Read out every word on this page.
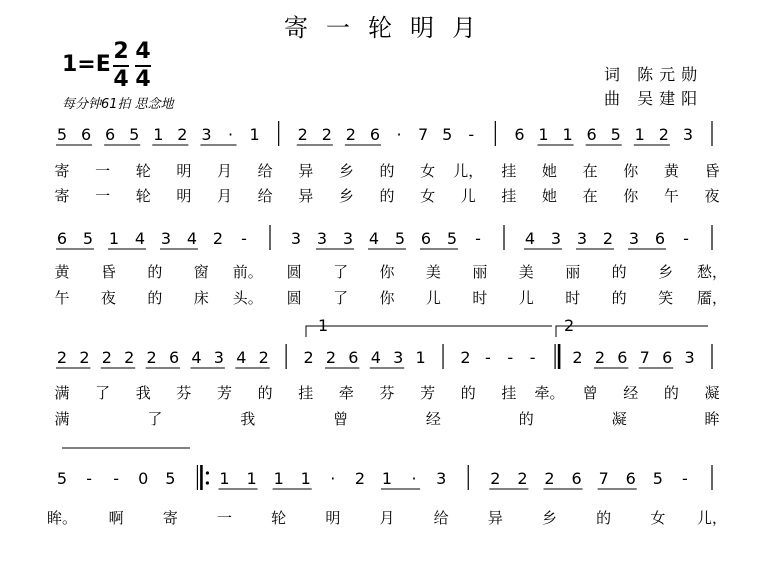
寄一轮明月
1=E
2
4
4
4
每分钟61拍 思念地
词 陈元勋
曲 吴建阳
5 6 6 5 1 2 3 · 1 2 2 2 6 · 7 5 -	6 1 1 6 5 1 2 3
6 5 1 4 3 4 2 -	3 3 3 4 5 6 5 -	4 3 3 2 3 6 -
2 2 2 2 2 6 4 3 4 2 2 2 6 4 3 1 2 - - - 2 2 6 7 6 3
5 - - 0 5	1 1 1 1 · 2 1 · 3	2 2 2 6 7 6 5 -
1	2
寄 一 轮 明 月 给 异 乡 的 女 儿， 挂 她 在 你 黄 昏
寄 一 轮 明 月 给 异 乡 的 女 儿 挂 她 在 你 午 夜
黄 昏 的 窗 前。 圆 了 你 美 丽 美 丽 的 乡 愁，
午 夜 的 床 头。 圆 了 你 儿 时 儿 时 的 笑 靥，
满 了 我 芬 芳 的 挂 牵 芬 芳 的 挂 牵。 曾 经 的 凝
满	了	我	曾	经	的	凝	眸
眸。 啊	寄	一	轮	明	月	给	异	乡	的	女 儿，
